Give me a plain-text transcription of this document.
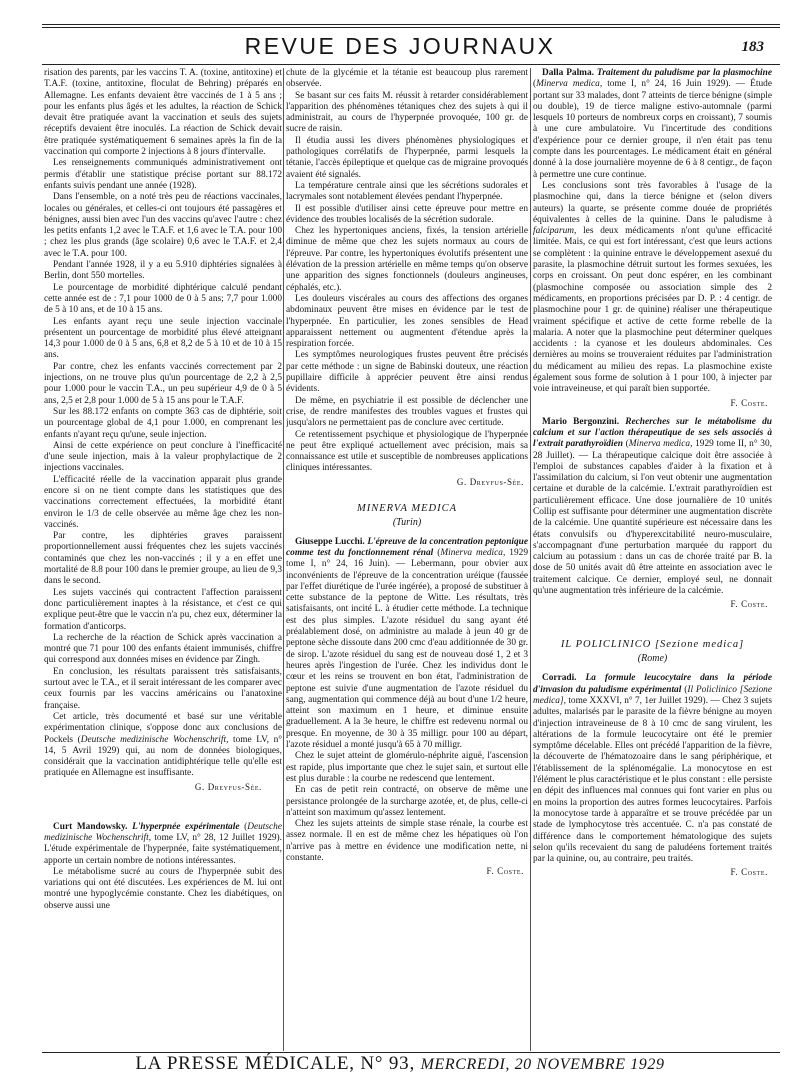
REVUE DES JOURNAUX	183

risation des parents, par les vaccins T. A. (toxine, antitoxine) et T.A.F. (toxine, antitoxine, floculat de Behring) préparés en Allemagne. Les enfants devaient être vaccinés de 1 à 5 ans ; pour les enfants plus âgés et les adultes, la réaction de Schick devait être pratiquée avant la vaccination et seuls des sujets réceptifs devaient être inoculés. La réaction de Schick devait être pratiquée systématiquement 6 semaines après la fin de la vaccination qui comporte 2 injections à 8 jours d'intervalle.

Les renseignements communiqués administrativement ont permis d'établir une statistique précise portant sur 88.172 enfants suivis pendant une année (1928).

Dans l'ensemble, on a noté très peu de réactions vaccinales, locales ou générales, et celles-ci ont toujours été passagères et bénignes, aussi bien avec l'un des vaccins qu'avec l'autre : chez les petits enfants 1,2 avec le T.A.F. et 1,6 avec le T.A. pour 100 ; chez les plus grands (âge scolaire) 0,6 avec le T.A.F. et 2,4 avec le T.A. pour 100.

Pendant l'année 1928, il y a eu 5.910 diphtéries signalées à Berlin, dont 550 mortelles.

Le pourcentage de morbidité diphtérique calculé pendant cette année est de : 7,1 pour 1000 de 0 à 5 ans; 7,7 pour 1.000 de 5 à 10 ans, et de 10 à 15 ans.

Les enfants ayant reçu une seule injection vaccinale présentent un pourcentage de morbidité plus élevé atteignant 14,3 pour 1.000 de 0 à 5 ans, 6,8 et 8,2 de 5 à 10 et de 10 à 15 ans.

Par contre, chez les enfants vaccinés correctement par 2 injections, on ne trouve plus qu'un pourcentage de 2,2 à 2,5 pour 1.000 pour le vaccin T.A., un peu supérieur 4,9 de 0 à 5 ans, 2,5 et 2,8 pour 1.000 de 5 à 15 ans pour le T.A.F.

Sur les 88.172 enfants on compte 363 cas de diphtérie, soit un pourcentage global de 4,1 pour 1.000, en comprenant les enfants n'ayant reçu qu'une, seule injection.

Ainsi de cette expérience on peut conclure à l'inefficacité d'une seule injection, mais à la valeur prophylactique de 2 injections vaccinales.

L'efficacité réelle de la vaccination apparait plus grande encore si on ne tient compte dans les statistiques que des vaccinations correctement effectuées, la morbidité étant environ le 1/3 de celle observée au même âge chez les non-vaccinés.

Par contre, les diphtéries graves paraissent proportionnellement aussi fréquentes chez les sujets vaccinés contaminés que chez les non-vaccinés ; il y a en effet une mortalité de 8.8 pour 100 dans le premier groupe, au lieu de 9,3 dans le second.

Les sujets vaccinés qui contractent l'affection paraissent donc particulièrement inaptes à la résistance, et c'est ce qui explique peut-être que le vaccin n'a pu, chez eux, déterminer la formation d'anticorps.

La recherche de la réaction de Schick après vaccination a montré que 71 pour 100 des enfants étaient immunisés, chiffre qui correspond aux données mises en évidence par Zingh.

En conclusion, les résultats paraissent très satisfaisants, surtout avec le T.A., et il serait intéressant de les comparer avec ceux fournis par les vaccins américains ou l'anatoxine française.

Cet article, très documenté et basé sur une véritable expérimentation clinique, s'oppose donc aux conclusions de Pockels (Deutsche medizinische Wochenschrift, tome LV, n° 14, 5 Avril 1929) qui, au nom de données biologiques, considérait que la vaccination antidiphtérique telle qu'elle est pratiquée en Allemagne est insuffisante.

G. Dreyfus-Sée.

Curt Mandowsky. L'hyperpnée expérimentale (Deutsche medizinische Wochenschrift, tome LV, n° 28, 12 Juillet 1929). L'étude expérimentale de l'hyperpnée, faite systématiquement, apporte un certain nombre de notions intéressantes.

Le métabolisme sucré au cours de l'hyperpnée subit des variations qui ont été discutées. Les expériences de M. lui ont montré une hypoglycémie constante. Chez les diabétiques, on observe aussi une

chute de la glycémie et la tétanie est beaucoup plus rarement observée.

Se basant sur ces faits M. réussit à retarder considérablement l'apparition des phénomènes tétaniques chez des sujets à qui il administrait, au cours de l'hyperpnée provoquée, 100 gr. de sucre de raisin.

Il étudia aussi les divers phénomènes physiologiques et pathologiques corrélatifs de l'hyperpnée, parmi lesquels la tétanie, l'accès épileptique et quelque cas de migraine provoqués avaient été signalés.

La température centrale ainsi que les sécrétions sudorales et lacrymales sont notablement élevées pendant l'hyperpnée.

Il est possible d'utiliser ainsi cette épreuve pour mettre en évidence des troubles localisés de la sécrétion sudorale.

Chez les hypertoniques anciens, fixés, la tension artérielle diminue de même que chez les sujets normaux au cours de l'épreuve. Par contre, les hypertoniques évolutifs présentent une élévation de la pression artérielle en même temps qu'on observe une apparition des signes fonctionnels (douleurs angineuses, céphalés, etc.).

Les douleurs viscérales au cours des affections des organes abdominaux peuvent être mises en évidence par le test de l'hyperpnée. En particulier, les zones sensibles de Head apparaissent nettement ou augmentent d'étendue après la respiration forcée.

Les symptômes neurologiques frustes peuvent être précisés par cette méthode : un signe de Babinski douteux, une réaction pupillaire difficile à apprécier peuvent être ainsi rendus évidents.

De même, en psychiatrie il est possible de déclencher une crise, de rendre manifestes des troubles vagues et frustes qui jusqu'alors ne permettaient pas de conclure avec certitude.

Ce retentissement psychique et physiologique de l'hyperpnée ne peut être expliqué actuellement avec précision, mais sa connaissance est utile et susceptible de nombreuses applications cliniques intéressantes.

G. Dreyfus-Sée.

MINERVA MEDICA

(Turin)

Giuseppe Lucchi. L'épreuve de la concentration peptonique comme test du fonctionnement rénal (Minerva medica, 1929 tome I, n° 24, 16 Juin). — Lebermann, pour obvier aux inconvénients de l'épreuve de la concentration uréique (faussée par l'effet diurétique de l'urée ingérée), a proposé de substituer à cette substance de la peptone de Witte. Les résultats, très satisfaisants, ont incité L. à étudier cette méthode. La technique est des plus simples. L'azote résiduel du sang ayant été préalablement dosé, on administre au malade à jeun 40 gr de peptone sèche dissoute dans 200 cmc d'eau additionnée de 30 gr. de sirop. L'azote résiduel du sang est de nouveau dosé 1, 2 et 3 heures après l'ingestion de l'urée. Chez les individus dont le cœur et les reins se trouvent en bon état, l'administration de peptone est suivie d'une augmentation de l'azote résiduel du sang, augmentation qui commence déjà au bout d'une 1/2 heure, atteint son maximum en 1 heure, et diminue ensuite graduellement. A la 3e heure, le chiffre est redevenu normal ou presque. En moyenne, de 30 à 35 milligr. pour 100 au départ, l'azote résiduel a monté jusqu'à 65 à 70 milligr.

Chez le sujet atteint de glomérulo-néphrite aiguë, l'ascension est rapide, plus importante que chez le sujet sain, et surtout elle est plus durable : la courbe ne redescend que lentement.

En cas de petit rein contracté, on observe de même une persistance prolongée de la surcharge azotée, et, de plus, celle-ci n'atteint son maximum qu'assez lentement.

Chez les sujets atteints de simple stase rénale, la courbe est assez normale. Il en est de même chez les hépatiques où l'on n'arrive pas à mettre en évidence une modification nette, ni constante.

F. Coste.

Dalla Palma. Traitement du paludisme par la plasmochine (Minerva medica, tome I, n° 24, 16 Juin 1929). — Étude portant sur 33 malades, dont 7 atteints de tierce bénigne (simple ou double), 19 de tierce maligne estivo-automnale (parmi lesquels 10 porteurs de nombreux corps en croissant), 7 soumis à une cure ambulatoire. Vu l'incertitude des conditions d'expérience pour ce dernier groupe, il n'en était pas tenu compte dans les pourcentages. Le médicament était en général donné à la dose journalière moyenne de 6 à 8 centigr., de façon à permettre une cure continue.

Les conclusions sont très favorables à l'usage de la plasmochine qui, dans la tierce bénigne et (selon divers auteurs) la quarte, se présente comme douée de propriétés équivalentes à celles de la quinine. Dans le paludisme à falciparum, les deux médicaments n'ont qu'une efficacité limitée. Mais, ce qui est fort intéressant, c'est que leurs actions se complètent : la quinine entrave le développement asexué du parasite, la plasmochine détruit surtout les formes sexuées, les corps en croissant. On peut donc espérer, en les combinant (plasmochine composée ou association simple des 2 médicaments, en proportions précisées par D. P. : 4 centigr. de plasmochine pour 1 gr. de quinine) réaliser une thérapeutique vraiment spécifique et active de cette forme rebelle de la malaria. A noter que la plasmochine peut déterminer quelques accidents : la cyanose et les douleurs abdominales. Ces dernières au moins se trouveraient réduites par l'administration du médicament au milieu des repas. La plasmochine existe également sous forme de solution à 1 pour 100, à injecter par voie intraveineuse, et qui paraît bien supportée.

F. Coste.

Mario Bergonzini. Recherches sur le métabolisme du calcium et sur l'action thérapeutique de ses sels associés à l'extrait parathyroïdien (Minerva medica, 1929 tome II, n° 30, 28 Juillet). — La thérapeutique calcique doit être associée à l'emploi de substances capables d'aider à la fixation et à l'assimilation du calcium, si l'on veut obtenir une augmentation certaine et durable de la calcémie. L'extrait parathyroïdien est particulièrement efficace. Une dose journalière de 10 unités Collip est suffisante pour déterminer une augmentation discrète de la calcémie. Une quantité supérieure est nécessaire dans les états convulsifs ou d'hyperexcitabilité neuro-musculaire, s'accompagnant d'une perturbation marquée du rapport du calcium au potassium : dans un cas de chorée traité par B. la dose de 50 unités avait dû être atteinte en association avec le traitement calcique. Ce dernier, employé seul, ne donnait qu'une augmentation très inférieure de la calcémie.

F. Coste.

IL POLICLINICO [Sezione medica]

(Rome)

Corradi. La formule leucocytaire dans la période d'invasion du paludisme expérimental (Il Policlinico [Sezione medica], tome XXXVI, n° 7, 1er Juillet 1929). — Chez 3 sujets adultes, malarisés par le parasite de la fièvre bénigne au moyen d'injection intraveineuse de 8 à 10 cmc de sang virulent, les altérations de la formule leucocytaire ont été le premier symptôme décelable. Elles ont précédé l'apparition de la fièvre, la découverte de l'hématozoaire dans le sang périphérique, et l'établissement de la splénomégalie. La monocytose en est l'élément le plus caractéristique et le plus constant : elle persiste en dépit des influences mal connues qui font varier en plus ou en moins la proportion des autres formes leucocytaires. Parfois la monocytose tarde à apparaître et se trouve précédée par un stade de lymphocytose très accentuée. C. n'a pas constaté de différence dans le comportement hématologique des sujets selon qu'ils recevaient du sang de paludéens fortement traités par la quinine, ou, au contraire, peu traités.

F. Coste.
LA PRESSE MÉDICALE, N° 93, MERCREDI, 20 NOVEMBRE 1929
